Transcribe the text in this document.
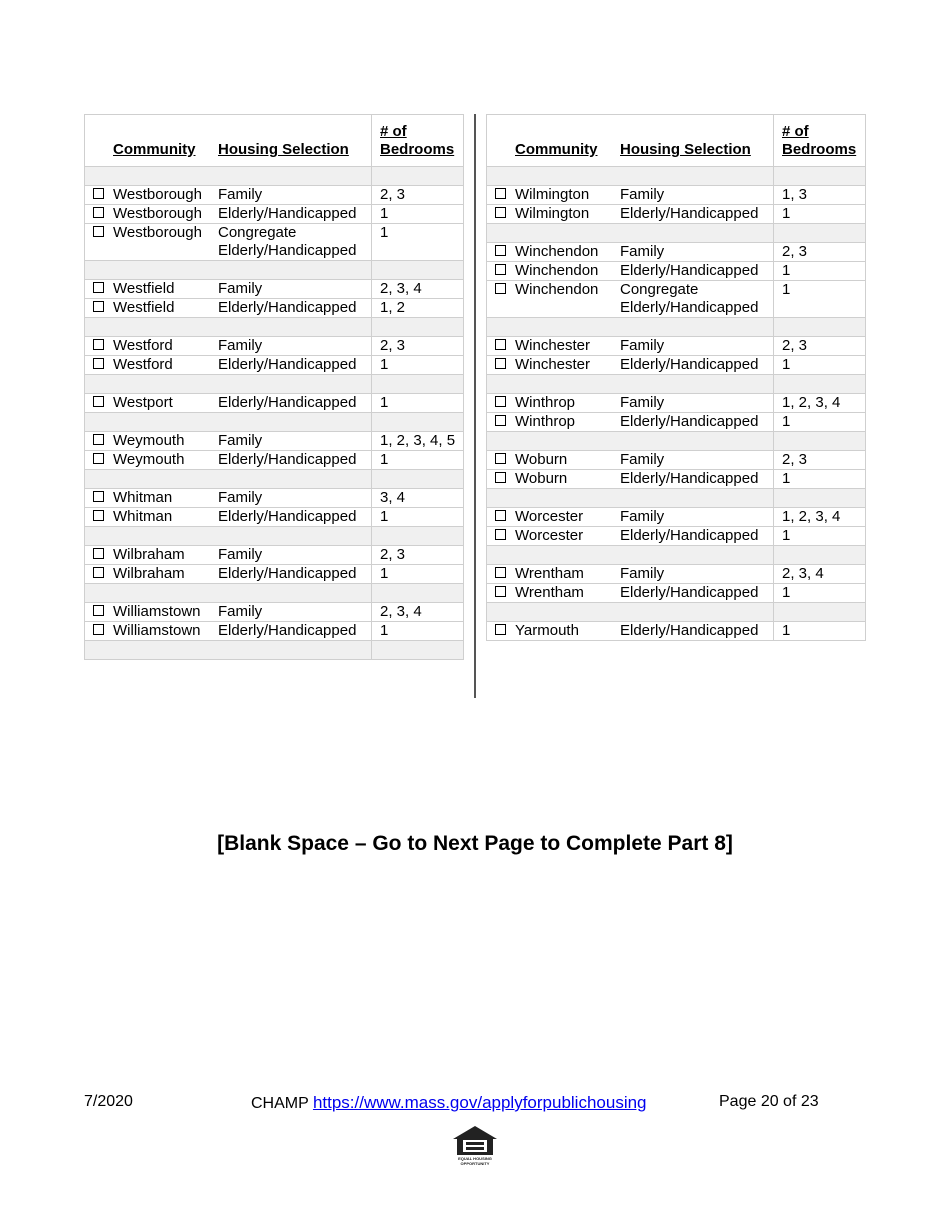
Community	Housing Selection	# of Bedrooms

Westborough	Family	2, 3
Westborough	Elderly/Handicapped	1
Westborough	Congregate Elderly/Handicapped	1

Westfield	Family	2, 3, 4
Westfield	Elderly/Handicapped	1, 2

Westford	Family	2, 3
Westford	Elderly/Handicapped	1

Westport	Elderly/Handicapped	1

Weymouth	Family	1, 2, 3, 4, 5
Weymouth	Elderly/Handicapped	1

Whitman	Family	3, 4
Whitman	Elderly/Handicapped	1

Wilbraham	Family	2, 3
Wilbraham	Elderly/Handicapped	1

Williamstown	Family	2, 3, 4
Williamstown	Elderly/Handicapped	1

Community	Housing Selection	# of Bedrooms

Wilmington	Family	1, 3
Wilmington	Elderly/Handicapped	1

Winchendon	Family	2, 3
Winchendon	Elderly/Handicapped	1
Winchendon	Congregate Elderly/Handicapped	1

Winchester	Family	2, 3
Winchester	Elderly/Handicapped	1

Winthrop	Family	1, 2, 3, 4
Winthrop	Elderly/Handicapped	1

Woburn	Family	2, 3
Woburn	Elderly/Handicapped	1

Worcester	Family	1, 2, 3, 4
Worcester	Elderly/Handicapped	1

Wrentham	Family	2, 3, 4
Wrentham	Elderly/Handicapped	1

Yarmouth	Elderly/Handicapped	1
[Blank Space – Go to Next Page to Complete Part 8]
7/2020	CHAMP https://www.mass.gov/applyforpublichousing	Page 20 of 23
EQUAL HOUSING
OPPORTUNITY
